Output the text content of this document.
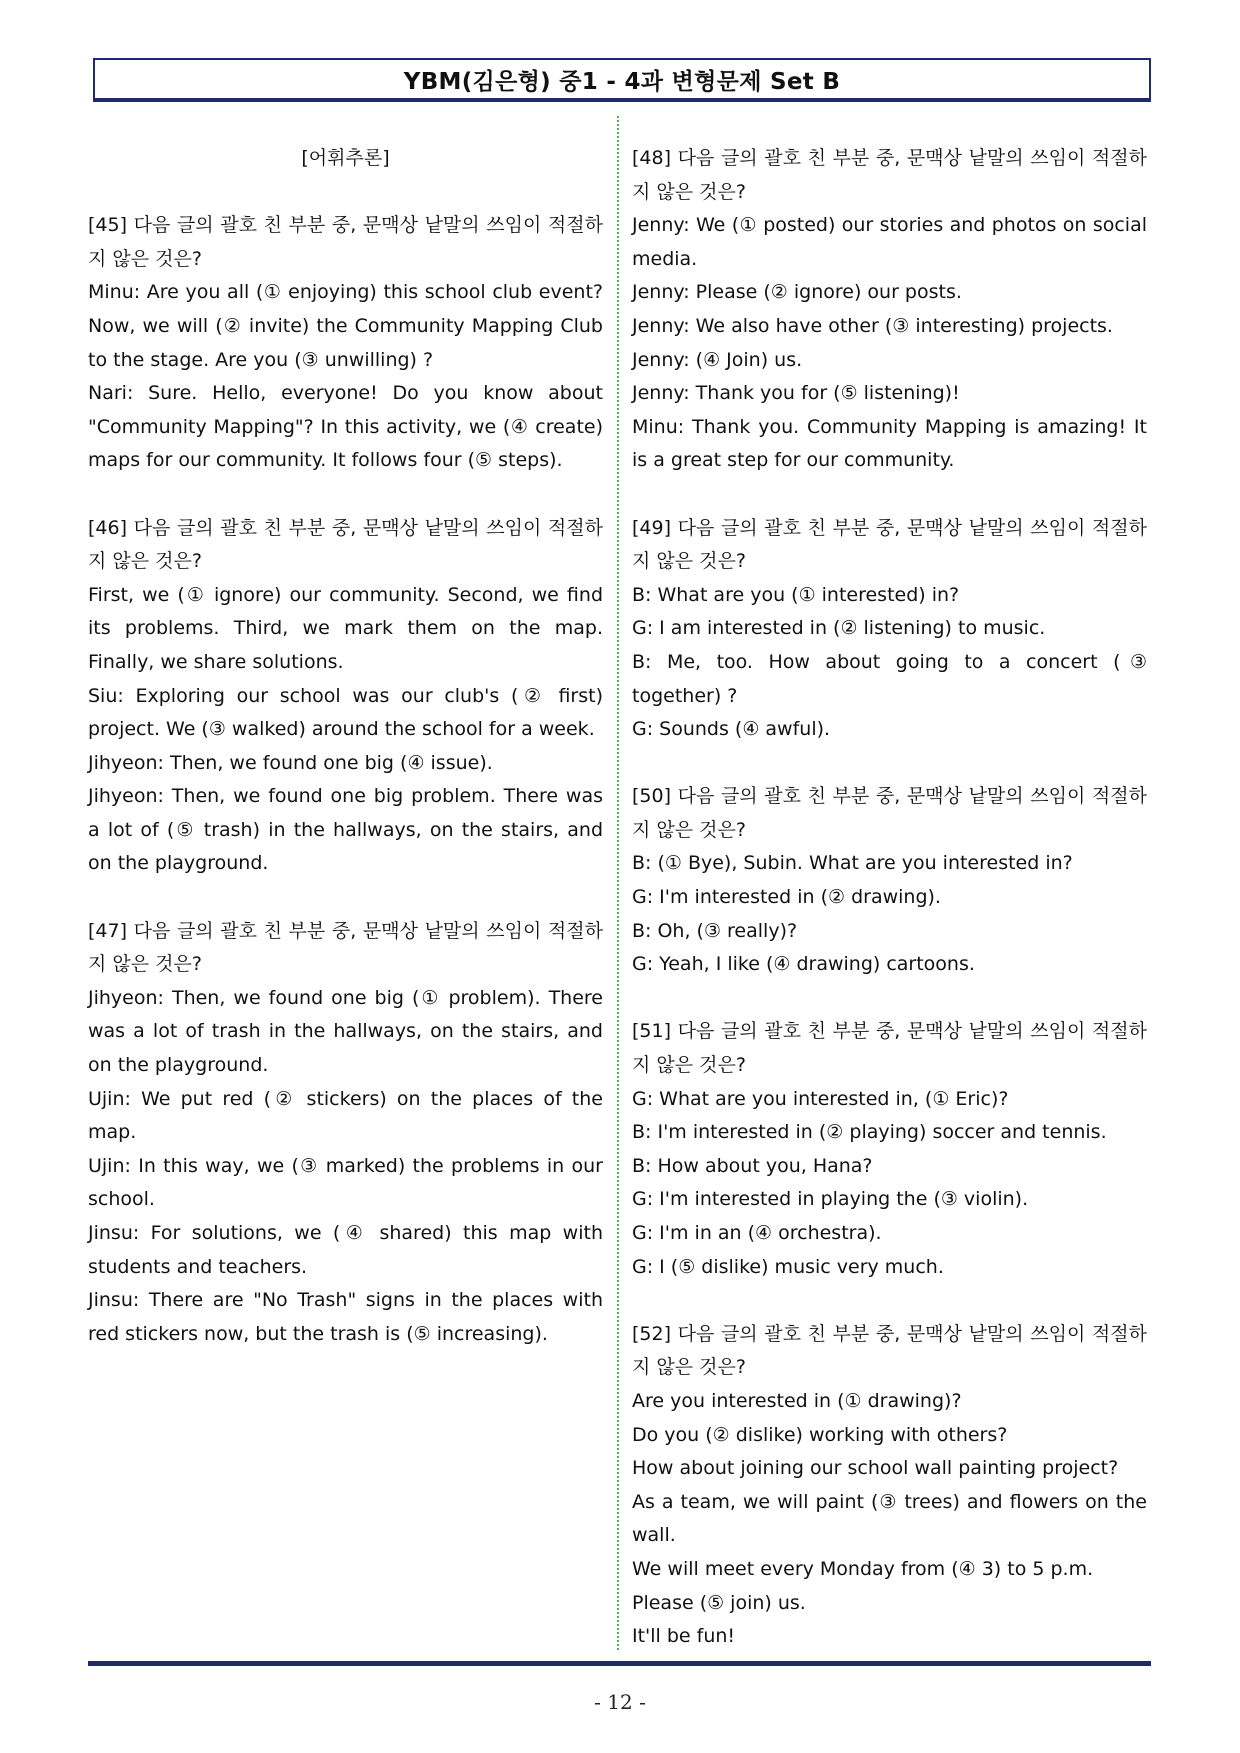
YBM(김은형) 중1 - 4과 변형문제 Set B
[어휘추론]
[45] 다음 글의 괄호 친 부분 중, 문맥상 낱말의 쓰임이 적절하지 않은 것은?
Minu: Are you all (① enjoying) this school club event? Now, we will (② invite) the Community Mapping Club to the stage. Are you (③ unwilling) ?
Nari: Sure. Hello, everyone! Do you know about "Community Mapping"? In this activity, we (④ create) maps for our community. It follows four (⑤ steps).
[46] 다음 글의 괄호 친 부분 중, 문맥상 낱말의 쓰임이 적절하지 않은 것은?
First, we (① ignore) our community. Second, we find its problems. Third, we mark them on the map. Finally, we share solutions.
Siu: Exploring our school was our club's (② first) project. We (③ walked) around the school for a week.
Jihyeon: Then, we found one big (④ issue).
Jihyeon: Then, we found one big problem. There was a lot of (⑤ trash) in the hallways, on the stairs, and on the playground.
[47] 다음 글의 괄호 친 부분 중, 문맥상 낱말의 쓰임이 적절하지 않은 것은?
Jihyeon: Then, we found one big (① problem). There was a lot of trash in the hallways, on the stairs, and on the playground.
Ujin: We put red (② stickers) on the places of the map.
Ujin: In this way, we (③ marked) the problems in our school.
Jinsu: For solutions, we (④ shared) this map with students and teachers.
Jinsu: There are "No Trash" signs in the places with red stickers now, but the trash is (⑤ increasing).
[48] 다음 글의 괄호 친 부분 중, 문맥상 낱말의 쓰임이 적절하지 않은 것은?
Jenny: We (① posted) our stories and photos on social media.
Jenny: Please (② ignore) our posts.
Jenny: We also have other (③ interesting) projects.
Jenny: (④ Join) us.
Jenny: Thank you for (⑤ listening)!
Minu: Thank you. Community Mapping is amazing! It is a great step for our community.
[49] 다음 글의 괄호 친 부분 중, 문맥상 낱말의 쓰임이 적절하지 않은 것은?
B: What are you (① interested) in?
G: I am interested in (② listening) to music.
B: Me, too. How about going to a concert (③ together) ?
G: Sounds (④ awful).
[50] 다음 글의 괄호 친 부분 중, 문맥상 낱말의 쓰임이 적절하지 않은 것은?
B: (① Bye), Subin. What are you interested in?
G: I'm interested in (② drawing).
B: Oh, (③ really)?
G: Yeah, I like (④ drawing) cartoons.
[51] 다음 글의 괄호 친 부분 중, 문맥상 낱말의 쓰임이 적절하지 않은 것은?
G: What are you interested in, (① Eric)?
B: I'm interested in (② playing) soccer and tennis.
B: How about you, Hana?
G: I'm interested in playing the (③ violin).
G: I'm in an (④ orchestra).
G: I (⑤ dislike) music very much.
[52] 다음 글의 괄호 친 부분 중, 문맥상 낱말의 쓰임이 적절하지 않은 것은?
Are you interested in (① drawing)?
Do you (② dislike) working with others?
How about joining our school wall painting project?
As a team, we will paint (③ trees) and flowers on the wall.
We will meet every Monday from (④ 3) to 5 p.m.
Please (⑤ join) us.
It'll be fun!
- 12 -
